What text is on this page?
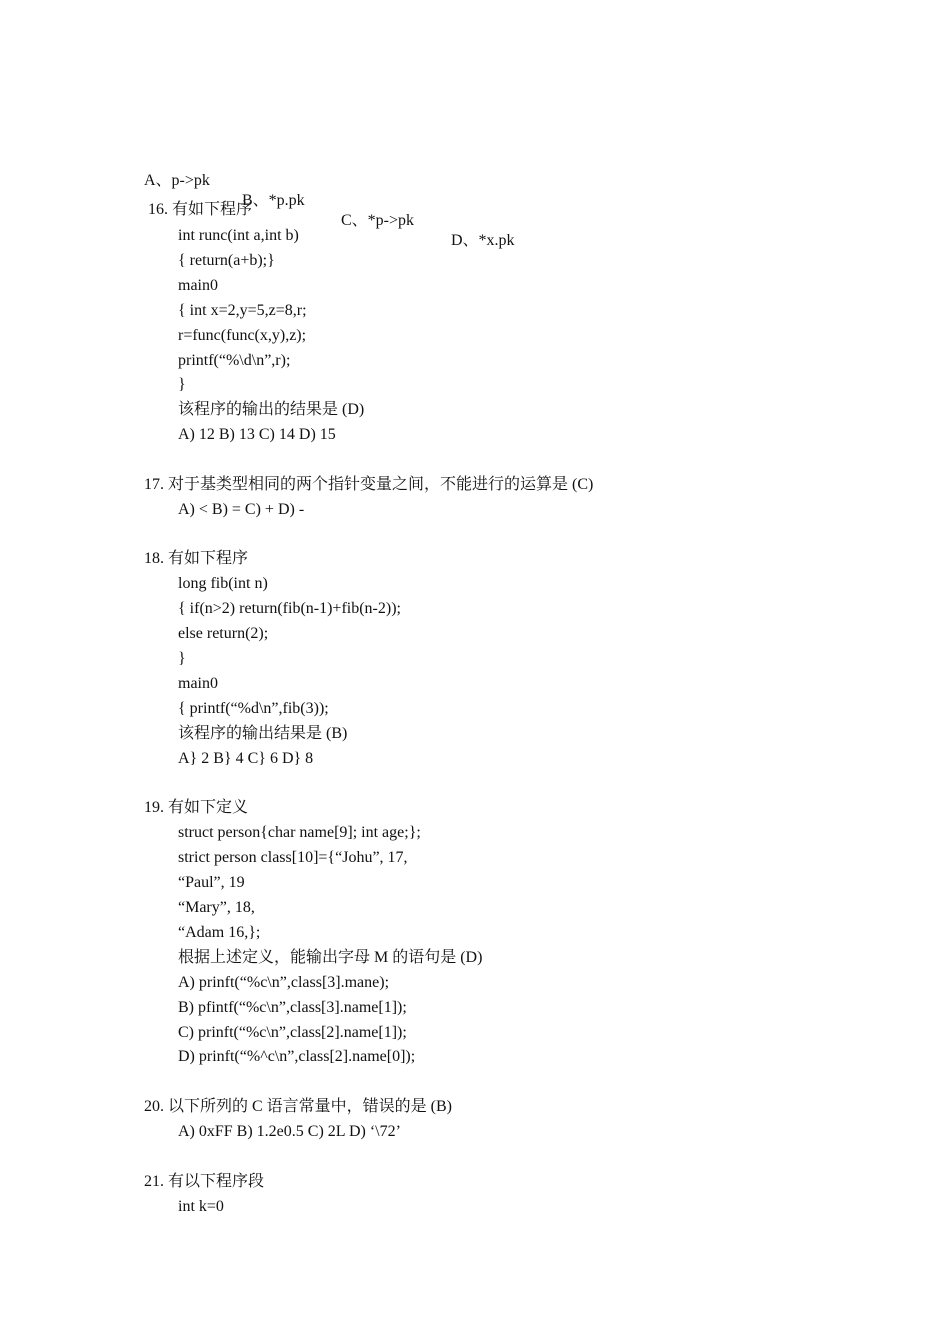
A、p->pk

B、*p.pk

C、*p->pk

D、*x.pk

16. 有如下程序
int runc(int a,int b)
{ return(a+b);}
main0
{ int x=2,y=5,z=8,r;
r=func(func(x,y),z);
printf(“%\d\n”,r);
}
该程序的输出的结果是 (D)
A) 12 B) 13 C) 14 D) 15
17. 对于基类型相同的两个指针变量之间，不能进行的运算是 (C)
A) < B) = C) + D) -
18. 有如下程序
long fib(int n)
{ if(n>2) return(fib(n-1)+fib(n-2));
else return(2);
}
main0
{ printf(“%d\n”,fib(3));
该程序的输出结果是 (B)
A} 2 B} 4 C} 6 D} 8
19. 有如下定义
struct person{char name[9]; int age;};
strict person class[10]={“Johu”, 17,
“Paul”, 19
“Mary”, 18,
“Adam 16,};
根据上述定义，能输出字母 M 的语句是 (D)
A) prinft(“%c\n”,class[3].mane);
B) pfintf(“%c\n”,class[3].name[1]);
C) prinft(“%c\n”,class[2].name[1]);
D) prinft(“%^c\n”,class[2].name[0]);
20. 以下所列的 C 语言常量中，错误的是 (B)
A) 0xFF B) 1.2e0.5 C) 2L D) ‘\72’
21. 有以下程序段
int k=0
